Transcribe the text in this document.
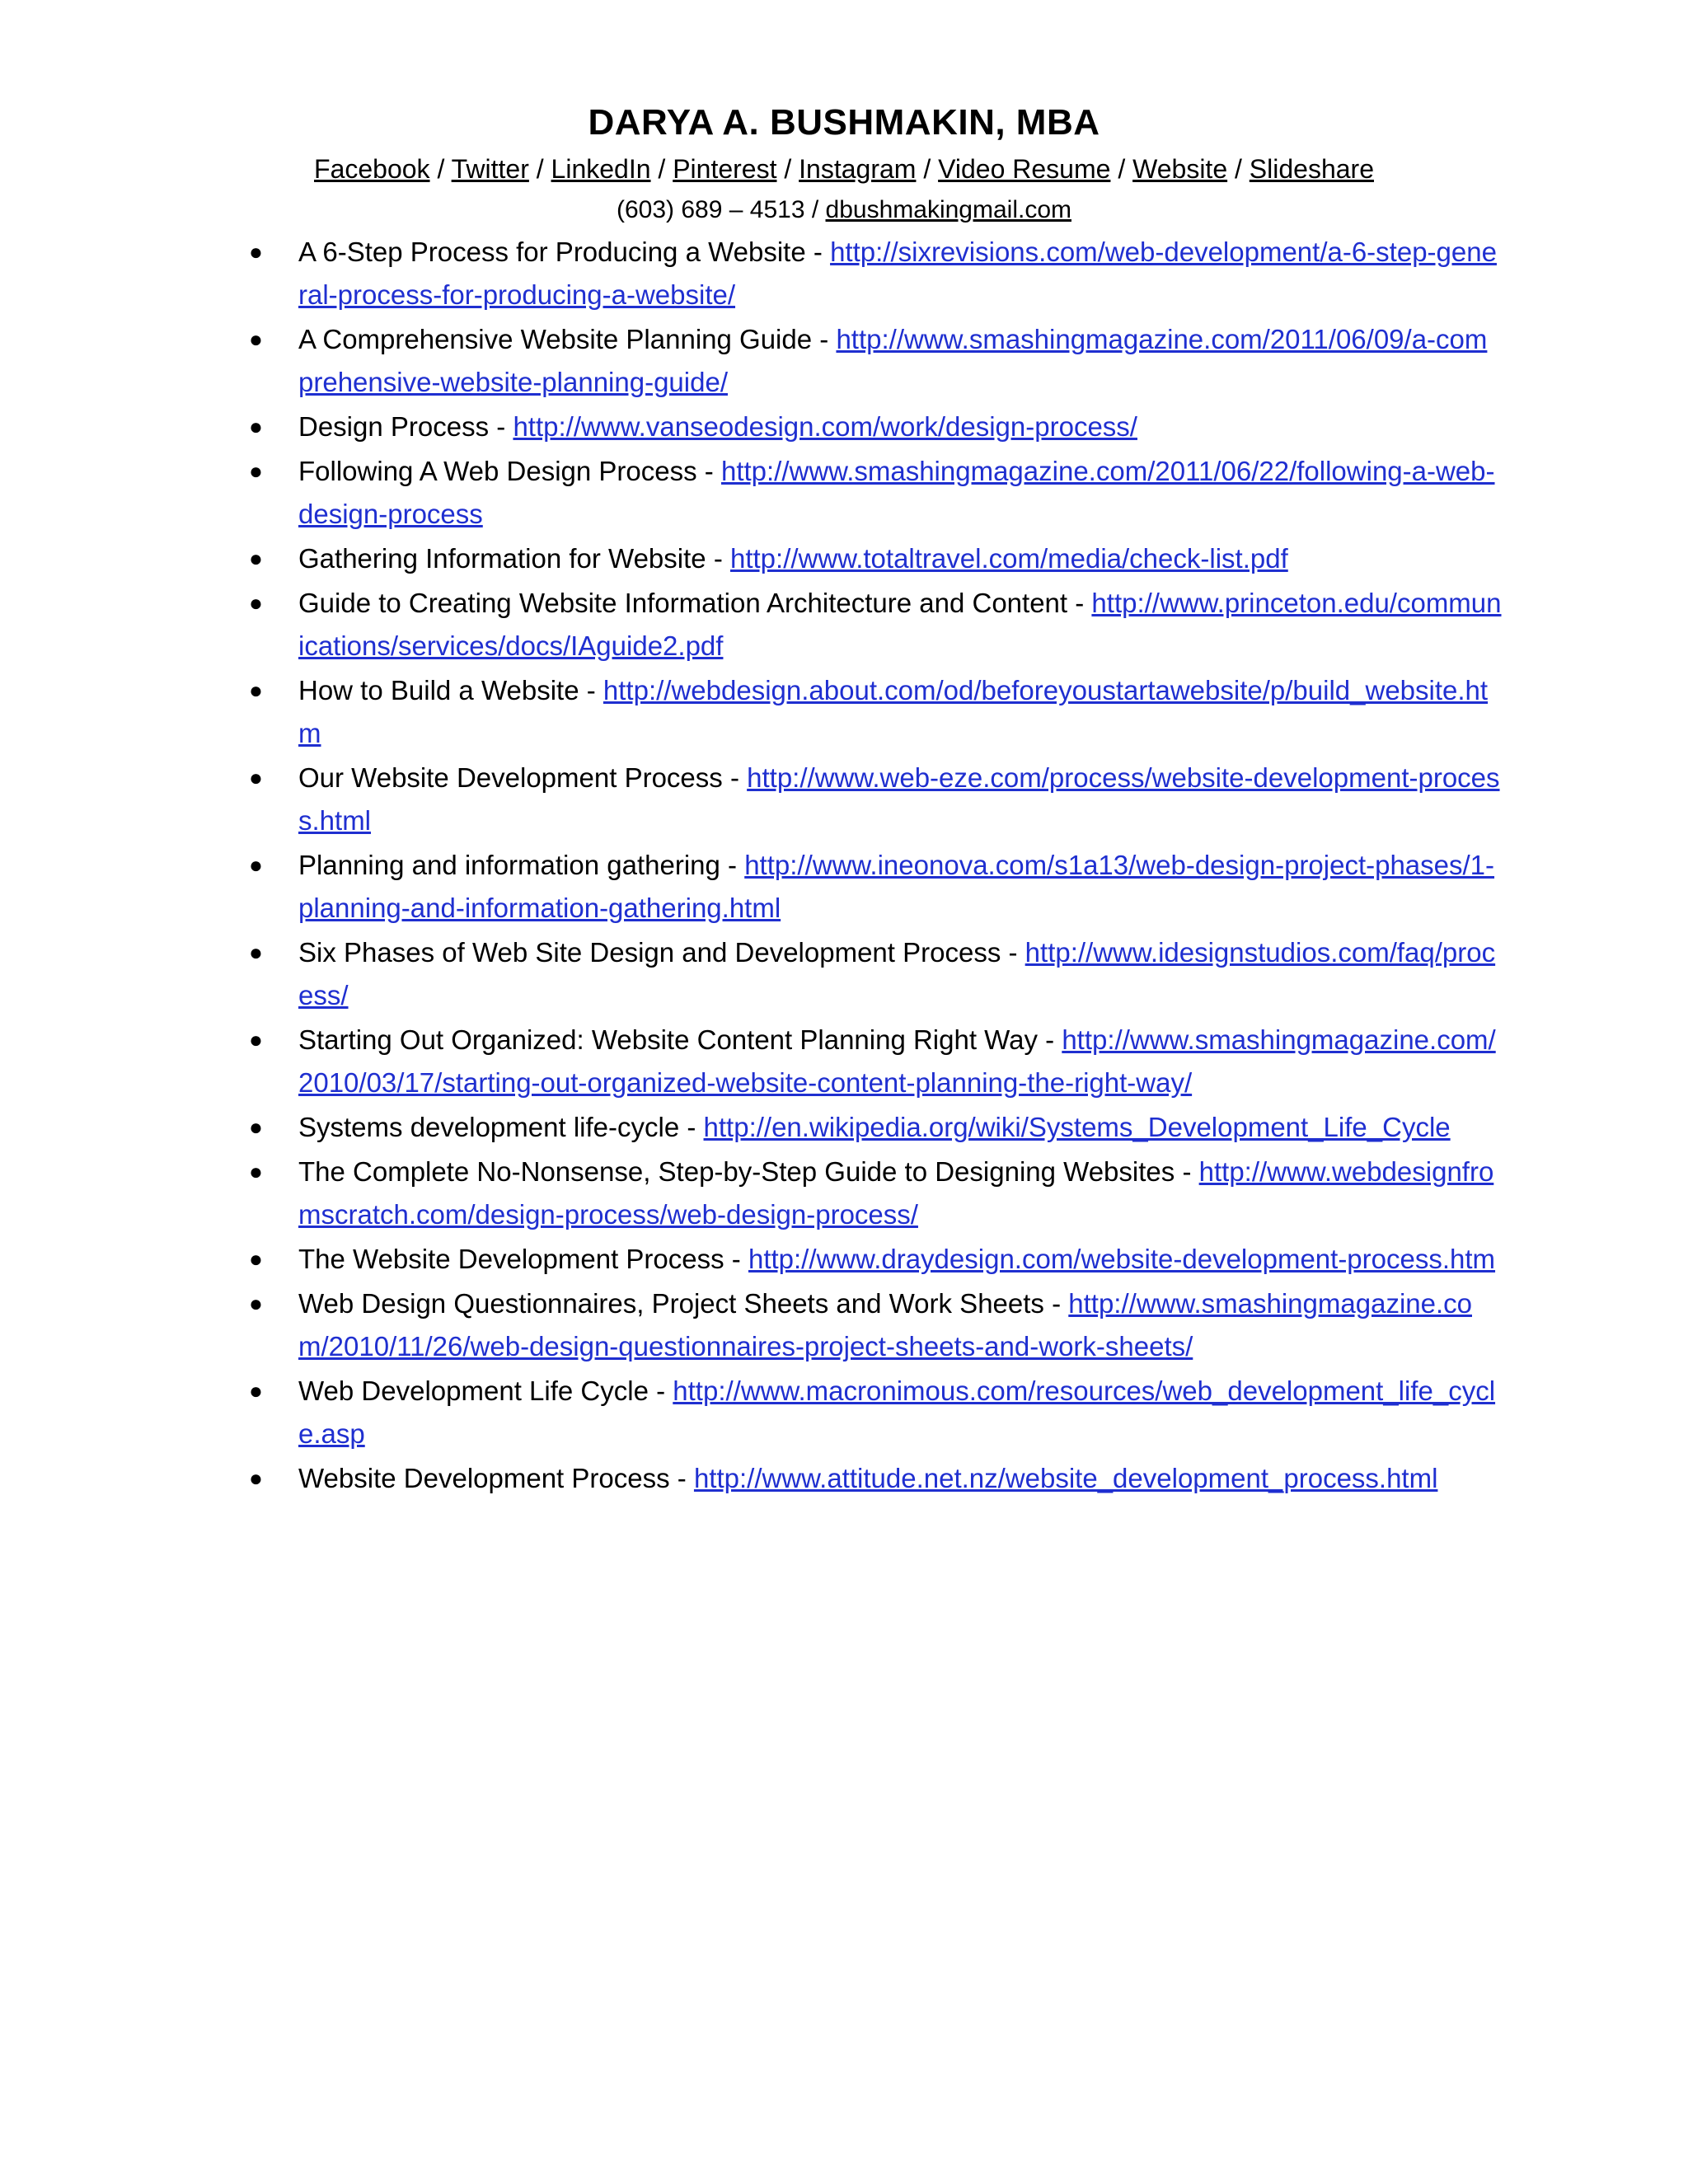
DARYA A. BUSHMAKIN, MBA
Facebook / Twitter / LinkedIn / Pinterest / Instagram / Video Resume / Website / Slideshare
(603) 689 – 4513 / dbushmakingmail.com
● A 6-Step Process for Producing a Website - http://sixrevisions.com/web-development/a-6-step-general-process-for-producing-a-website/
● A Comprehensive Website Planning Guide - http://www.smashingmagazine.com/2011/06/09/a-comprehensive-website-planning-guide/
● Design Process - http://www.vanseodesign.com/work/design-process/
● Following A Web Design Process - http://www.smashingmagazine.com/2011/06/22/following-a-web-design-process
● Gathering Information for Website - http://www.totaltravel.com/media/check-list.pdf
● Guide to Creating Website Information Architecture and Content - http://www.princeton.edu/communications/services/docs/IAguide2.pdf
● How to Build a Website - http://webdesign.about.com/od/beforeyoustartawebsite/p/build_website.htm
● Our Website Development Process - http://www.web-eze.com/process/website-development-process.html
● Planning and information gathering - http://www.ineonova.com/s1a13/web-design-project-phases/1-planning-and-information-gathering.html
● Six Phases of Web Site Design and Development Process - http://www.idesignstudios.com/faq/process/
● Starting Out Organized: Website Content Planning Right Way - http://www.smashingmagazine.com/2010/03/17/starting-out-organized-website-content-planning-the-right-way/
● Systems development life-cycle - http://en.wikipedia.org/wiki/Systems_Development_Life_Cycle
● The Complete No-Nonsense, Step-by-Step Guide to Designing Websites - http://www.webdesignfromscratch.com/design-process/web-design-process/
● The Website Development Process - http://www.draydesign.com/website-development-process.htm
● Web Design Questionnaires, Project Sheets and Work Sheets - http://www.smashingmagazine.com/2010/11/26/web-design-questionnaires-project-sheets-and-work-sheets/
● Web Development Life Cycle - http://www.macronimous.com/resources/web_development_life_cycle.asp
● Website Development Process - http://www.attitude.net.nz/website_development_process.html
